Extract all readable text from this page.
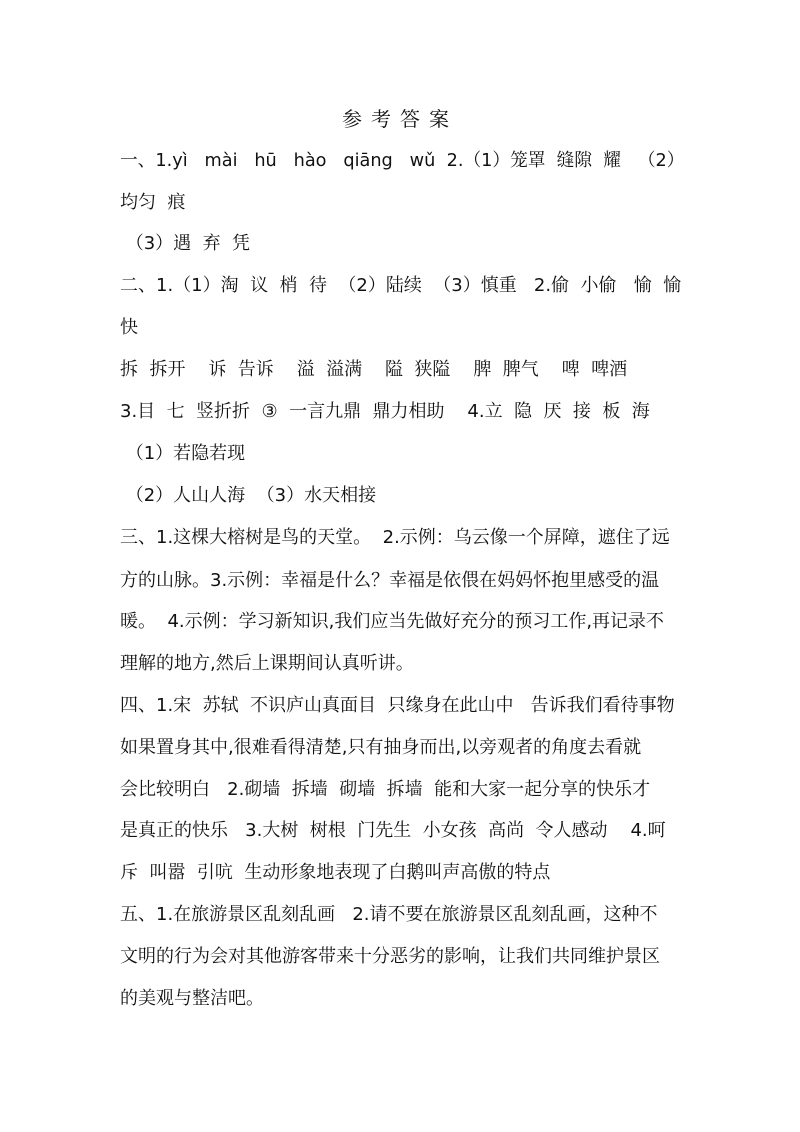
参考答案
一、1.yì   mài   hū   hào   qiāng   wǔ  2.（1）笼罩  缝隙  耀   （2）
均匀  痕
（3）遇  弃  凭
二、1.（1）淘  议  梢  待  （2）陆续  （3）慎重   2.偷  小偷   愉  愉
快
拆  拆开    诉  告诉    溢  溢满    隘  狭隘    脾  脾气    啤  啤酒
3.目  七  竖折折  ③  一言九鼎  鼎力相助    4.立  隐  厌  接  板  海
（1）若隐若现
（2）人山人海  （3）水天相接
三、1.这棵大榕树是鸟的天堂。  2.示例：乌云像一个屏障，遮住了远
方的山脉。3.示例：幸福是什么？幸福是依偎在妈妈怀抱里感受的温
暖。  4.示例：学习新知识,我们应当先做好充分的预习工作,再记录不
理解的地方,然后上课期间认真听讲。
四、1.宋  苏轼  不识庐山真面目  只缘身在此山中   告诉我们看待事物
如果置身其中,很难看得清楚,只有抽身而出,以旁观者的角度去看就
会比较明白   2.砌墙  拆墙  砌墙  拆墙  能和大家一起分享的快乐才
是真正的快乐   3.大树  树根  门先生  小女孩  高尚  令人感动    4.呵
斥  叫嚣  引吭  生动形象地表现了白鹅叫声高傲的特点
五、1.在旅游景区乱刻乱画   2.请不要在旅游景区乱刻乱画，这种不
文明的行为会对其他游客带来十分恶劣的影响，让我们共同维护景区
的美观与整洁吧。
